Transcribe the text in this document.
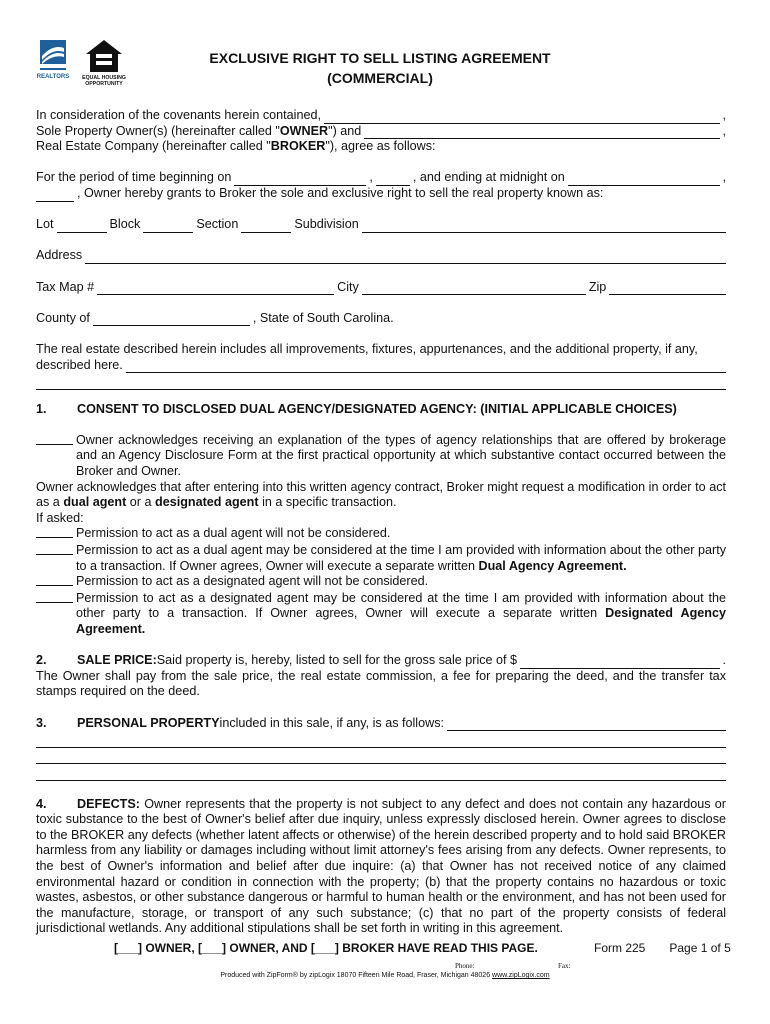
REALTORS EQUAL HOUSING
OPPORTUNITY
EXCLUSIVE RIGHT TO SELL LISTING AGREEMENT
(COMMERCIAL)
In consideration of the covenants herein contained,	,
Sole Property Owner(s) (hereinafter called " OWNER ") and	,
Real Estate Company (hereinafter called " BROKER "), agree as follows:
For the period of time beginning on	,	, and ending at midnight on	,
, Owner hereby grants to Broker the sole and exclusive right to sell the real property known as:
Lot	Block	Section	Subdivision
Address
Tax Map #	City	Zip
County of	, State of South Carolina.
The real estate described herein includes all improvements, fixtures, appurtenances, and the additional property, if any,
described here.
1.	CONSENT TO DISCLOSED DUAL AGENCY/DESIGNATED AGENCY: (INITIAL APPLICABLE CHOICES)
Owner acknowledges receiving an explanation of the types of agency relationships that are offered by brokerage and an Agency Disclosure Form at the first practical opportunity at which substantive contact occurred between the Broker and Owner.
Owner acknowledges that after entering into this written agency contract, Broker might request a modification in order to act as a dual agent or a designated agent in a specific transaction.
If asked:
Permission to act as a dual agent will not be considered.
Permission to act as a dual agent may be considered at the time I am provided with information about the other party to a transaction. If Owner agrees, Owner will execute a separate written Dual Agency Agreement.
Permission to act as a designated agent will not be considered.
Permission to act as a designated agent may be considered at the time I am provided with information about the other party to a transaction. If Owner agrees, Owner will execute a separate written Designated Agency Agreement.
2.	SALE PRICE: Said property is, hereby, listed to sell for the gross sale price of $	.
The Owner shall pay from the sale price, the real estate commission, a fee for preparing the deed, and the transfer tax stamps required on the deed.
3.	PERSONAL PROPERTY included in this sale, if any, is as follows:
4. DEFECTS: Owner represents that the property is not subject to any defect and does not contain any hazardous or toxic substance to the best of Owner's belief after due inquiry, unless expressly disclosed herein. Owner agrees to disclose to the BROKER any defects (whether latent affects or otherwise) of the herein described property and to hold said BROKER harmless from any liability or damages including without limit attorney's fees arising from any defects. Owner represents, to the best of Owner's information and belief after due inquire: (a) that Owner has not received notice of any claimed environmental hazard or condition in connection with the property; (b) that the property contains no hazardous or toxic wastes, asbestos, or other substance dangerous or harmful to human health or the environment, and has not been used for the manufacture, storage, or transport of any such substance; (c) that no part of the property consists of federal jurisdictional wetlands. Any additional stipulations shall be set forth in writing in this agreement.
[___] OWNER, [___] OWNER, AND [___] BROKER HAVE READ THIS PAGE.	Form 225 Page 1 of 5
Phone:	Fax:
Produced with ZipForm® by zipLogix 18070 Fifteen Mile Road, Fraser, Michigan 48026 www.zipLogix.com
